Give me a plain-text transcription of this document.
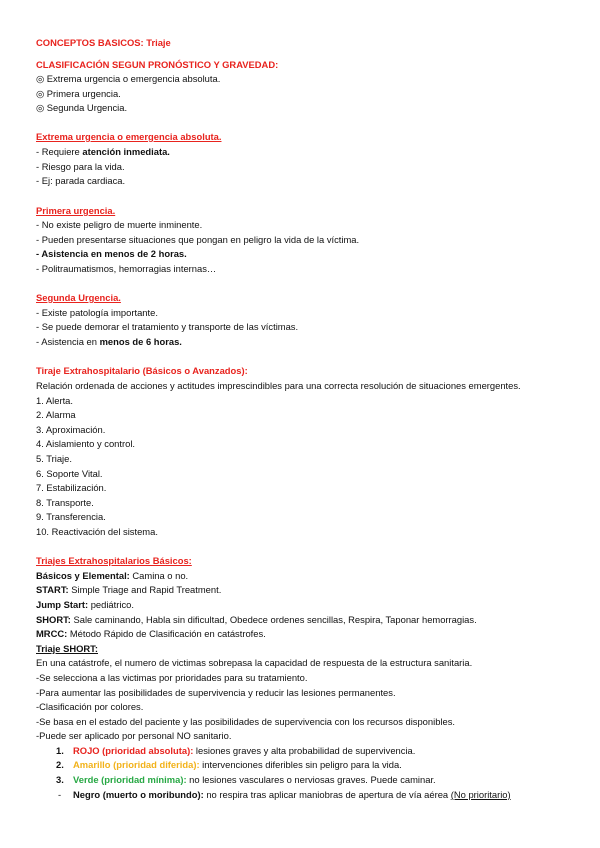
CONCEPTOS BASICOS: Triaje
CLASIFICACIÓN SEGUN PRONÓSTICO Y GRAVEDAD:
◎ Extrema urgencia o emergencia absoluta.
◎ Primera urgencia.
◎ Segunda Urgencia.
Extrema urgencia o emergencia absoluta.
- Requiere atención inmediata.
- Riesgo para la vida.
- Ej: parada cardiaca.
Primera urgencia.
- No existe peligro de muerte inminente.
- Pueden presentarse situaciones que pongan en peligro la vida de la víctima.
- Asistencia en menos de 2 horas.
- Politraumatismos, hemorragias internas…
Segunda Urgencia.
- Existe patología importante.
- Se puede demorar el tratamiento y transporte de las víctimas.
- Asistencia en menos de 6 horas.
Tiraje Extrahospitalario (Básicos o Avanzados):
Relación ordenada de acciones y actitudes imprescindibles para una correcta resolución de situaciones emergentes.
1. Alerta.
2. Alarma
3. Aproximación.
4. Aislamiento y control.
5. Triaje.
6. Soporte Vital.
7. Estabilización.
8. Transporte.
9. Transferencia.
10. Reactivación del sistema.
Triajes Extrahospitalarios Básicos:
Básicos y Elemental: Camina o no.
START: Simple Triage and Rapid Treatment.
Jump Start: pediátrico.
SHORT: Sale caminando, Habla sin dificultad, Obedece ordenes sencillas, Respira, Taponar hemorragias.
MRCC: Método Rápido de Clasificación en catástrofes.
Triaje SHORT:
En una catástrofe, el numero de victimas sobrepasa la capacidad de respuesta de la estructura sanitaria.
-Se selecciona a las victimas por prioridades para su tratamiento.
-Para aumentar las posibilidades de supervivencia y reducir las lesiones permanentes.
-Clasificación por colores.
-Se basa en el estado del paciente y las posibilidades de supervivencia con los recursos disponibles.
-Puede ser aplicado por personal NO sanitario.
1. ROJO (prioridad absoluta): lesiones graves y alta probabilidad de supervivencia.
2. Amarillo (prioridad diferida): intervenciones diferibles sin peligro para la vida.
3. Verde (prioridad mínima): no lesiones vasculares o nerviosas graves. Puede caminar.
-	Negro (muerto o moribundo): no respira tras aplicar maniobras de apertura de vía aérea (No prioritario)
